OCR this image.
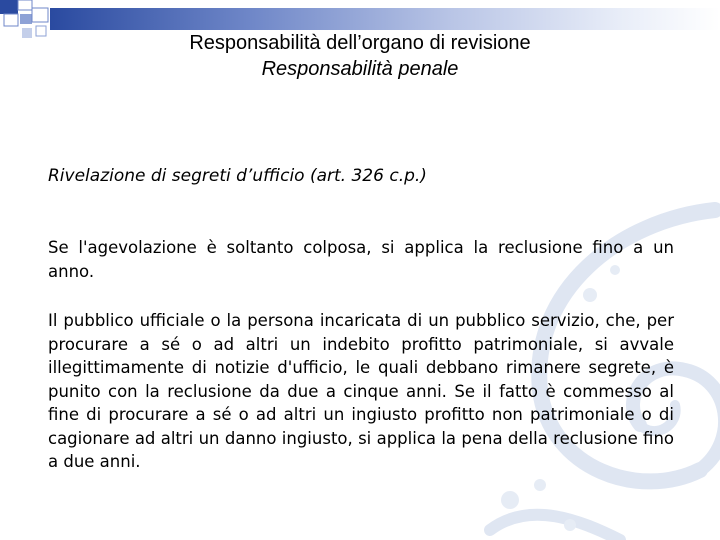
Responsabilità dell’organo di revisione
Responsabilità penale
Rivelazione di segreti d’ufficio (art. 326 c.p.)
Se l'agevolazione è soltanto colposa, si applica la reclusione fino a un anno.
Il pubblico ufficiale o la persona incaricata di un pubblico servizio, che, per procurare a sé o ad altri un indebito profitto patrimoniale, si avvale illegittimamente di notizie d'ufficio, le quali debbano rimanere segrete, è punito con la reclusione da due a cinque anni. Se il fatto è commesso al fine di procurare a sé o ad altri un ingiusto profitto non patrimoniale o di cagionare ad altri un danno ingiusto, si applica la pena della reclusione fino a due anni.
